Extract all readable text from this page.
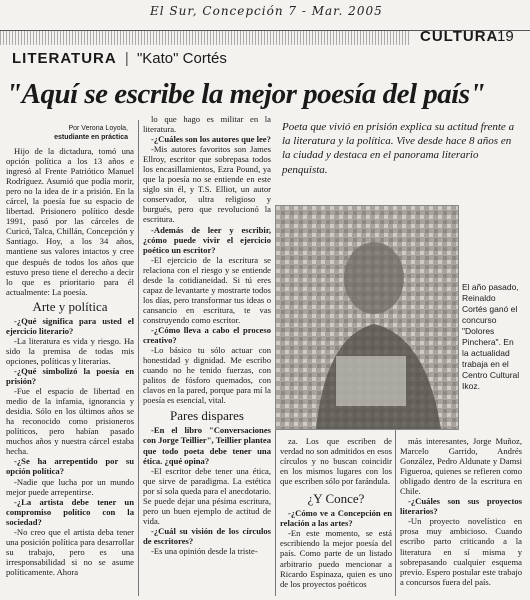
El Sur, Concepción 7 - Mar. 2005
CULTURA
19
LITERATURA | "Kato" Cortés
"Aquí se escribe la mejor poesía del país"
Por Verona Loyola,
estudiante en práctica
Poeta que vivió en prisión explica su actitud frente a la literatura y la política. Vive desde hace 8 años en la ciudad y destaca en el panorama literario penquista.

Hijo de la dictadura, tomó una opción política a los 13 años e ingresó al Frente Patriótico Manuel Rodríguez. Asumió que podía morir, pero no la idea de ir a prisión. En la cárcel, la poesía fue su espacio de libertad. Prisionero político desde 1991, pasó por las cárceles de Curicó, Talca, Chillán, Concepción y Santiago. Hoy, a los 34 años, mantiene sus valores intactos y cree que después de todos los años que estuvo preso tiene el derecho a decir lo que es prioritario para él actualmente: La poesía.

Arte y política

-¿Qué significa para usted el ejercicio literario?

-La literatura es vida y riesgo. Ha sido la premisa de todas mis opciones, políticas y literarias.

-¿Qué simbolizó la poesía en prisión?

-Fue el espacio de libertad en medio de la infamia, ignorancia y desidia. Sólo en los últimos años se ha reconocido como prisioneros políticos, pero habían pasado muchos años y nuestra cárcel estaba hecha.

-¿Se ha arrepentido por su opción política?

-Nadie que lucha por un mundo mejor puede arrepentirse.

-¿La artista debe tener un compromiso político con la sociedad?

-No creo que el artista deba tener una posición política para desarrollar su trabajo, pero es una irresponsabilidad si no se asume políticamente. Ahora

lo que hago es militar en la literatura.

-¿Cuáles son los autores que lee?

-Mis autores favoritos son James Ellroy, escritor que sobrepasa todos los encasillamientos, Ezra Pound, ya que la poesía no se entiende en este siglo sin él, y T.S. Elliot, un autor conservador, ultra religioso y burgués, pero que revolucionó la escritura.

-Además de leer y escribir, ¿cómo puede vivir el ejercicio poético un escritor?

-El ejercicio de la escritura se relaciona con el riesgo y se entiende desde la cotidianeidad. Si tú eres capaz de levantarte y mostrarte todos los días, pero transformar tus ideas o cansancio en escritura, te vas construyendo como escritor.

-¿Cómo lleva a cabo el proceso creativo?

-Lo básico tu sólo actuar con honestidad y dignidad. Me escribo cuando no he tenido fuerzas, con palitos de fósforo quemados, con clavos en la pared, porque para mí la poesía es esencial, vital.

Pares dispares

-En el libro "Conversaciones con Jorge Teillier", Teillier plantea que todo poeta debe tener una ética. ¿qué opina?

-El escritor debe tener una ética, que sirve de paradigma. La estética por sí sola queda para el anecdotario. Se puede dejar una pésima escritura, pero un buen ejemplo de actitud de vida.

-¿Cuál su visión de los círculos de escritores?

-Es una opinión desde la triste-

El año pasado, Reinaldo Cortés ganó el concurso "Dolores Pinchera". En la actualidad trabaja en el Centro Cultural Ikoz.

za. Los que escriben de verdad no son admitidos en esos círculos y no buscan coincidir en los mismos lugares con los que escriben sólo por farándula.

¿Y Conce?

-¿Cómo ve a Concepción en relación a las artes?

-En este momento, se está escribiendo la mejor poesía del país. Como parte de un listado arbitrario puedo mencionar a Ricardo Espinaza, quien es uno de los proyectos poéticos

más interesantes, Jorge Muñoz, Marcelo Garrido, Andrés González, Pedro Aldunate y Damsi Figueroa, quienes se refieren como obligado dentro de la escritura en Chile.

-¿Cuáles son sus proyectos literarios?

-Un proyecto novelístico en prosa muy ambicioso. Cuando escribo parto criticando a la literatura en sí misma y sobrepasando cualquier esquema previo. Espero postular este trabajo a concursos fuera del país.
